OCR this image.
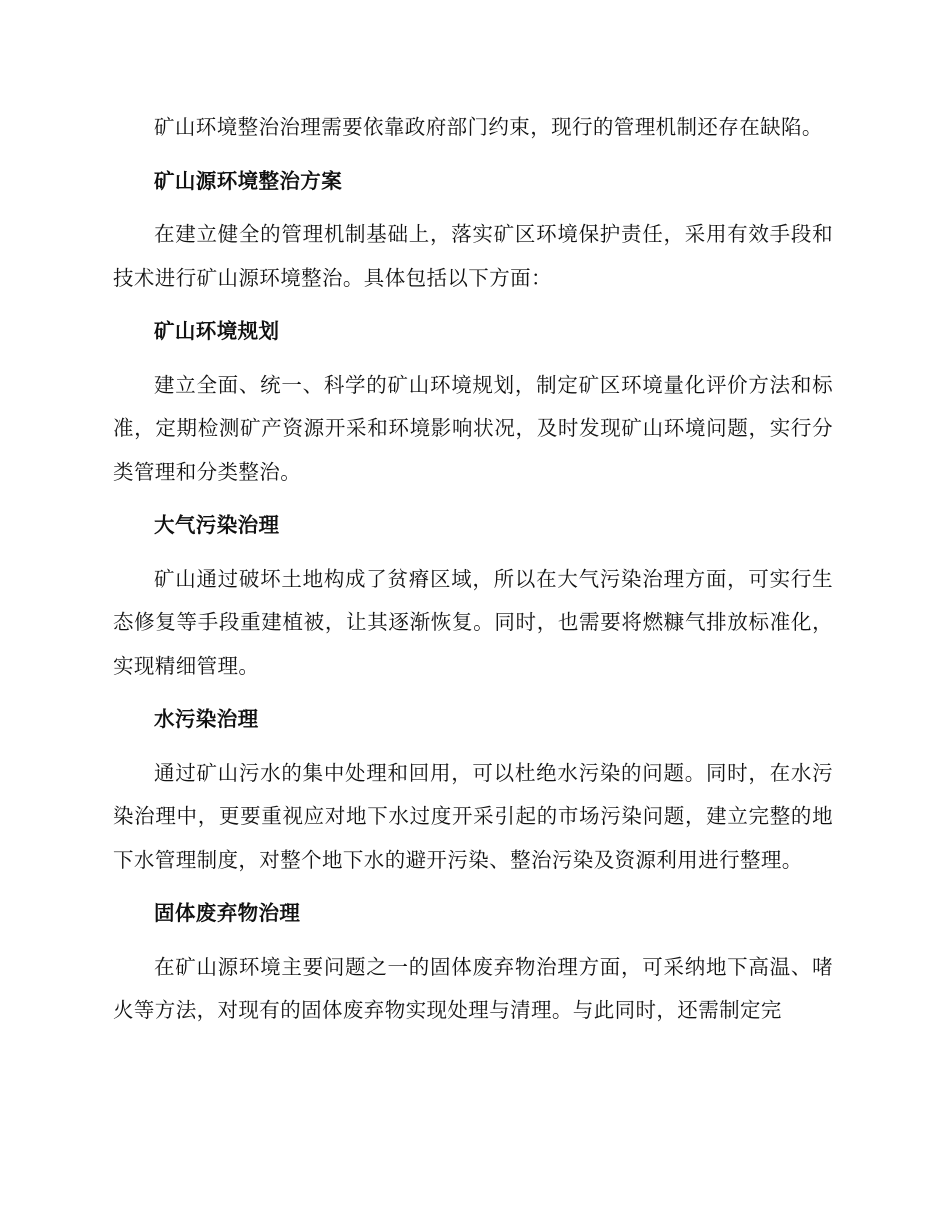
矿山环境整治治理需要依靠政府部门约束，现行的管理机制还存在缺陷。

矿山源环境整治方案

在建立健全的管理机制基础上，落实矿区环境保护责任，采用有效手段和技术进行矿山源环境整治。具体包括以下方面：

矿山环境规划

建立全面、统一、科学的矿山环境规划，制定矿区环境量化评价方法和标准，定期检测矿产资源开采和环境影响状况，及时发现矿山环境问题，实行分类管理和分类整治。

大气污染治理

矿山通过破坏土地构成了贫瘠区域，所以在大气污染治理方面，可实行生态修复等手段重建植被，让其逐渐恢复。同时，也需要将燃糠气排放标准化，实现精细管理。

水污染治理

通过矿山污水的集中处理和回用，可以杜绝水污染的问题。同时，在水污染治理中，更要重视应对地下水过度开采引起的市场污染问题，建立完整的地下水管理制度，对整个地下水的避开污染、整治污染及资源利用进行整理。

固体废弃物治理

在矿山源环境主要问题之一的固体废弃物治理方面，可采纳地下高温、啫火等方法，对现有的固体废弃物实现处理与清理。与此同时，还需制定完
